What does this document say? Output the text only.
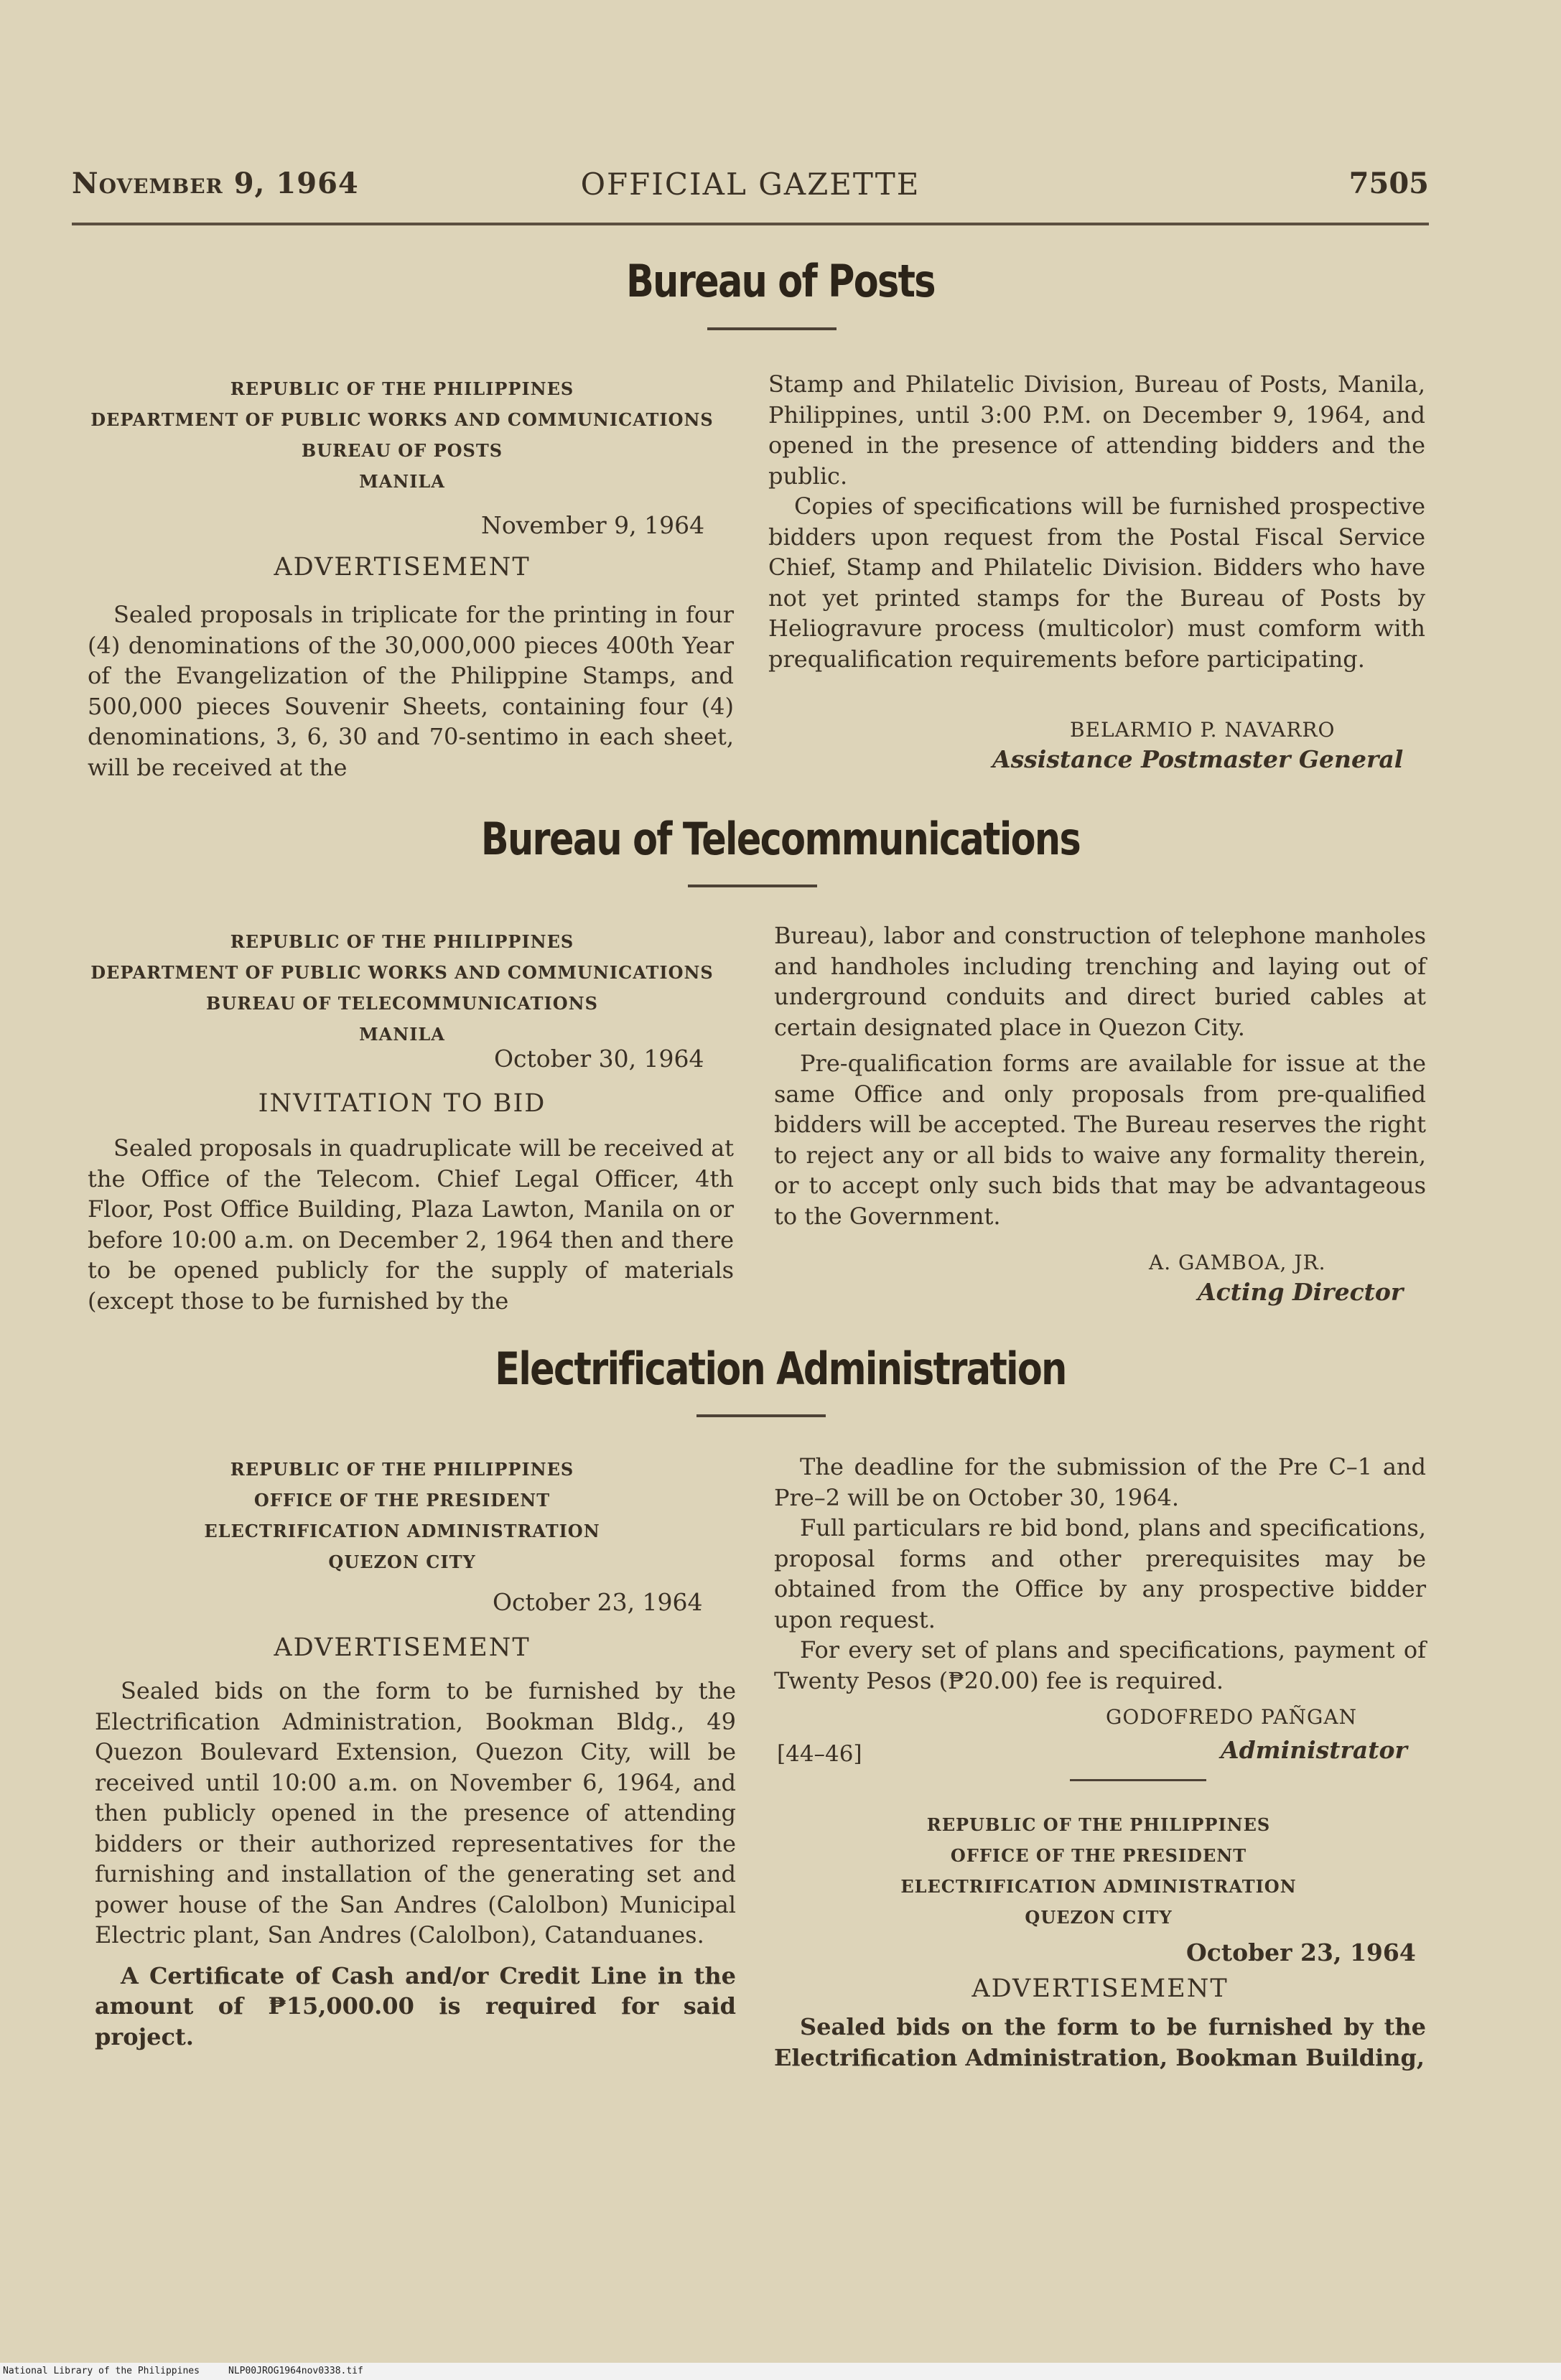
November 9, 1964	OFFICIAL GAZETTE	7505
Bureau of Posts
REPUBLIC OF THE PHILIPPINES
DEPARTMENT OF PUBLIC WORKS AND COMMUNICATIONS
BUREAU OF POSTS
MANILA
November 9, 1964
ADVERTISEMENT

Sealed proposals in triplicate for the printing in four (4) denominations of the 30,000,000 pieces 400th Year of the Evangelization of the Philippine Stamps, and 500,000 pieces Souvenir Sheets, containing four (4) denominations, 3, 6, 30 and 70-sentimo in each sheet, will be received at the

Stamp and Philatelic Division, Bureau of Posts, Manila, Philippines, until 3:00 P.M. on December 9, 1964, and opened in the presence of attending bidders and the public.

Copies of specifications will be furnished prospective bidders upon request from the Postal Fiscal Service Chief, Stamp and Philatelic Division. Bidders who have not yet printed stamps for the Bureau of Posts by Heliogravure process (multicolor) must comform with prequalification requirements before participating.

BELARMIO P. NAVARRO
Assistance Postmaster General
Bureau of Telecommunications
REPUBLIC OF THE PHILIPPINES
DEPARTMENT OF PUBLIC WORKS AND COMMUNICATIONS
BUREAU OF TELECOMMUNICATIONS
MANILA
October 30, 1964
INVITATION TO BID

Sealed proposals in quadruplicate will be received at the Office of the Telecom. Chief Legal Officer, 4th Floor, Post Office Building, Plaza Lawton, Manila on or before 10:00 a.m. on December 2, 1964 then and there to be opened publicly for the supply of materials (except those to be furnished by the

Bureau), labor and construction of telephone manholes and handholes including trenching and laying out of underground conduits and direct buried cables at certain designated place in Quezon City.

Pre-qualification forms are available for issue at the same Office and only proposals from pre-qualified bidders will be accepted. The Bureau reserves the right to reject any or all bids to waive any formality therein, or to accept only such bids that may be advantageous to the Government.

A. GAMBOA, JR.
Acting Director
Electrification Administration
REPUBLIC OF THE PHILIPPINES
OFFICE OF THE PRESIDENT
ELECTRIFICATION ADMINISTRATION
QUEZON CITY
October 23, 1964
ADVERTISEMENT

Sealed bids on the form to be furnished by the Electrification Administration, Bookman Bldg., 49 Quezon Boulevard Extension, Quezon City, will be received until 10:00 a.m. on November 6, 1964, and then publicly opened in the presence of attending bidders or their authorized representatives for the furnishing and installation of the generating set and power house of the San Andres (Calolbon) Municipal Electric plant, San Andres (Calolbon), Catanduanes.

A Certificate of Cash and/or Credit Line in the amount of ₱15,000.00 is required for said project.

The deadline for the submission of the Pre C–1 and Pre–2 will be on October 30, 1964.

Full particulars re bid bond, plans and specifications, proposal forms and other prerequisites may be obtained from the Office by any prospective bidder upon request.

For every set of plans and specifications, payment of Twenty Pesos (₱20.00) fee is required.

GODOFREDO PAÑGAN
[44–46]	Administrator
REPUBLIC OF THE PHILIPPINES
OFFICE OF THE PRESIDENT
ELECTRIFICATION ADMINISTRATION
QUEZON CITY
October 23, 1964
ADVERTISEMENT

Sealed bids on the form to be furnished by the Electrification Administration, Bookman Building,

National Library of the Philippines	NLP00JROG1964nov0338.tif
